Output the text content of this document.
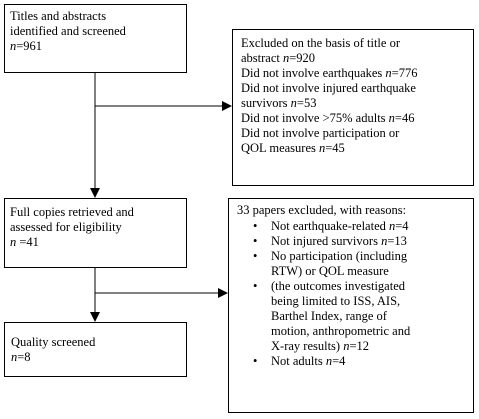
Titles and abstracts
identified and screened
n=961	Excluded on the basis of title or
abstract n=920
Did not involve earthquakes n=776
Did not involve injured earthquake
survivors n=53
Did not involve >75% adults n=46
Did not involve participation or
QOL measures n=45
Full copies retrieved and
assessed for eligibility
n =41
33 papers excluded, with reasons:
• Not earthquake-related n=4
• Not injured survivors n=13
• No participation (including
RTW) or QOL measure
• (the outcomes investigated
being limited to ISS, AIS,
Barthel Index, range of
motion, anthropometric and
X-ray results) n=12
• Not adults n=4
Quality screened
n=8
